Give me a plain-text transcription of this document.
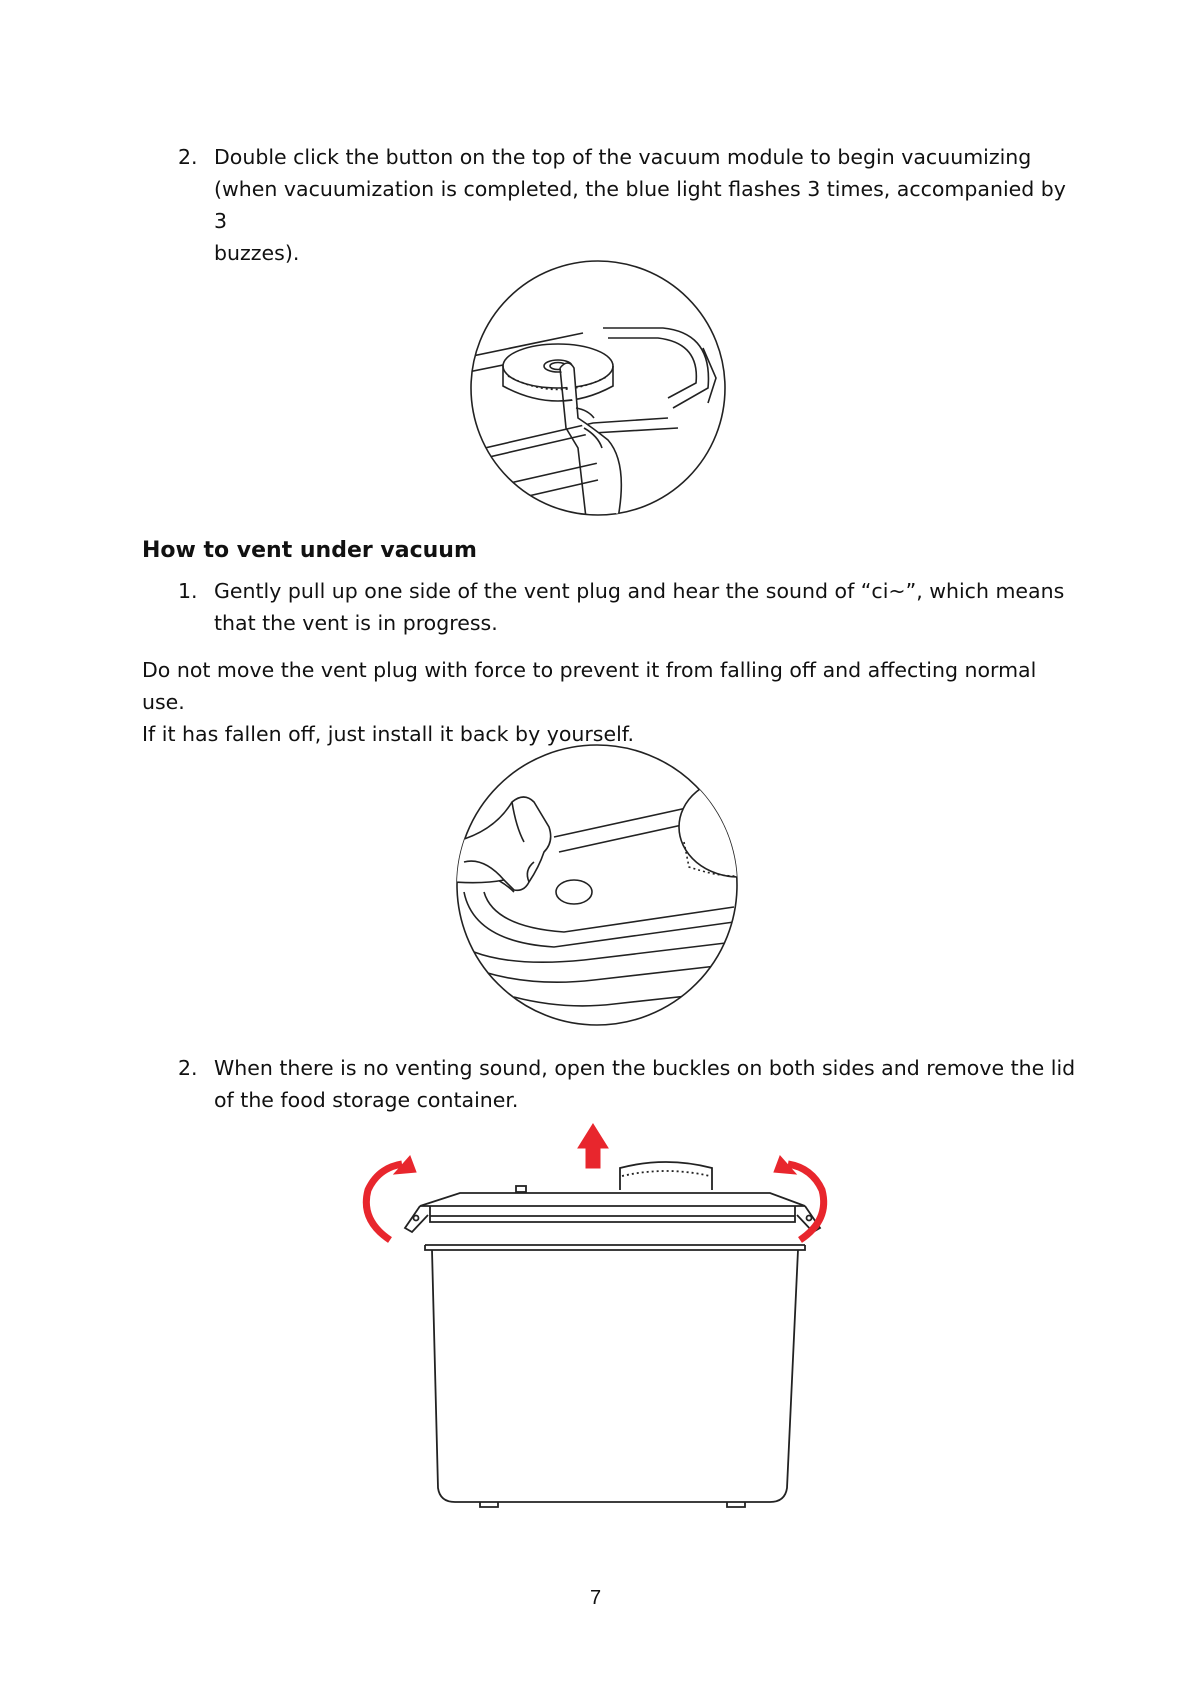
2. Double click the button on the top of the vacuum module to begin vacuumizing
(when vacuumization is completed, the blue light flashes 3 times, accompanied by 3
buzzes).
How to vent under vacuum
1. Gently pull up one side of the vent plug and hear the sound of “ci~”, which means
that the vent is in progress.
Do not move the vent plug with force to prevent it from falling off and affecting normal use.
If it has fallen off, just install it back by yourself.
2. When there is no venting sound, open the buckles on both sides and remove the lid
of the food storage container.
7
